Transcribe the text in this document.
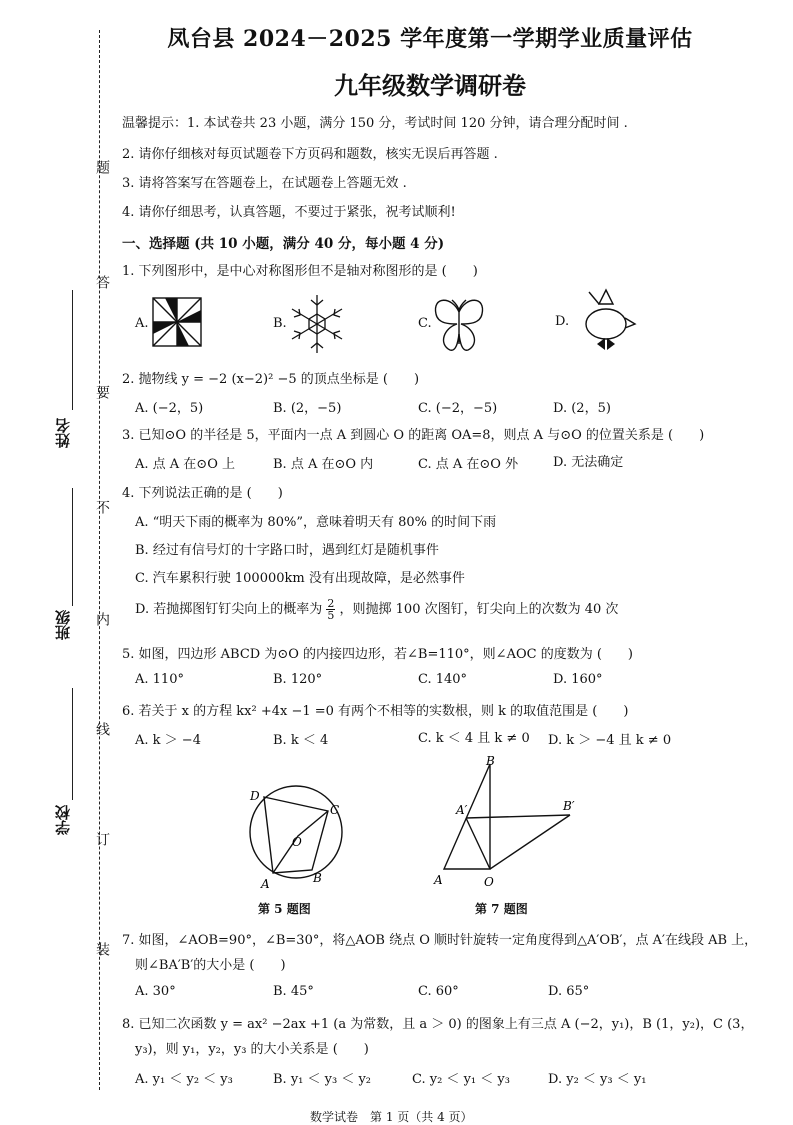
题
答
要
不
内
线
订
装
姓名
班级
学校
凤台县 2024－2025 学年度第一学期学业质量评估
九年级数学调研卷
温馨提示：1. 本试卷共 23 小题，满分 150 分，考试时间 120 分钟，请合理分配时间 .
2. 请你仔细核对每页试题卷下方页码和题数，核实无误后再答题 .
3. 请将答案写在答题卷上，在试题卷上答题无效 .
4. 请你仔细思考，认真答题，不要过于紧张，祝考试顺利!
一、选择题 (共 10 小题，满分 40 分，每小题 4 分)
1. 下列图形中，是中心对称图形但不是轴对称图形的是 (　　)
A.	B.	C.	D.
2. 抛物线 y = −2 (x−2)² −5 的顶点坐标是 (　　)
A. (−2，5)	B. (2，−5)	C. (−2，−5)	D. (2，5)
3. 已知⊙O 的半径是 5，平面内一点 A 到圆心 O 的距离 OA=8，则点 A 与⊙O 的位置关系是 (　　)
A. 点 A 在⊙O 上	B. 点 A 在⊙O 内	C. 点 A 在⊙O 外	D. 无法确定
4. 下列说法正确的是 (　　)
A. “明天下雨的概率为 80%”，意味着明天有 80% 的时间下雨
B. 经过有信号灯的十字路口时，遇到红灯是随机事件
C. 汽车累积行驶 100000km 没有出现故障，是必然事件
D. 若抛掷图钉钉尖向上的概率为 $\frac{2}{5}$ ，则抛掷 100 次图钉，钉尖向上的次数为 40 次
5. 如图，四边形 ABCD 为⊙O 的内接四边形，若∠B=110°，则∠AOC 的度数为 (　　)
A. 110°	B. 120°	C. 140°	D. 160°
6. 若关于 x 的方程 kx² +4x −1 =0 有两个不相等的实数根，则 k 的取值范围是 (　　)
A. k ＞ −4	B. k ＜ 4	C. k ＜ 4 且 k ≠ 0 D. k ＞ −4 且 k ≠ 0
D
C
O
A	B
第 5 题图
B
A′	B′
A	O
第 7 题图
7. 如图，∠AOB=90°，∠B=30°，将△AOB 绕点 O 顺时针旋转一定角度得到△A′OB′，点 A′在线段 AB 上，
则∠BA′B′的大小是 (　　)
A. 30°	B. 45°	C. 60°	D. 65°
8. 已知二次函数 y = ax² −2ax +1 (a 为常数，且 a ＞ 0) 的图象上有三点 A (−2，y₁)，B (1，y₂)，C (3，
y₃)，则 y₁，y₂，y₃ 的大小关系是 (　　)
A. y₁ ＜ y₂ ＜ y₃	B. y₁ ＜ y₃ ＜ y₂	C. y₂ ＜ y₁ ＜ y₃	D. y₂ ＜ y₃ ＜ y₁
数学试卷　第 1 页（共 4 页）
